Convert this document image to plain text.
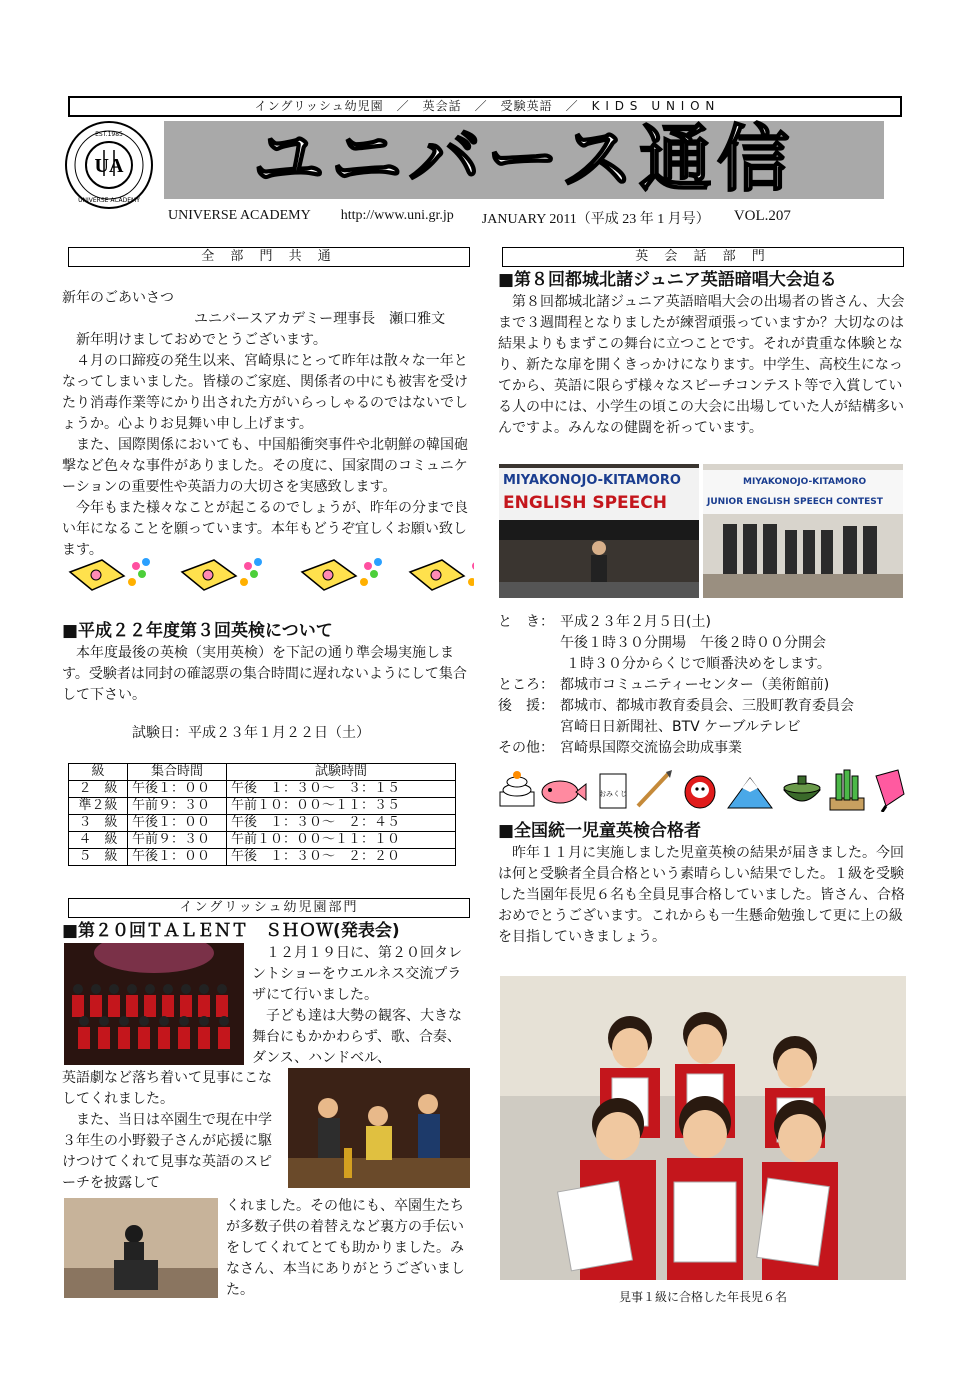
イングリッシュ幼児園　／　英会話　／　受験英語　／　K I D S　U N I O N
UA
EST.1985
UNIVERSE ACADEMY	ユニバース通信
UNIVERSE ACADEMY http://www.uni.gr.jp JANUARY 2011（平成 23 年 1 月号） VOL.207
全 部 門 共 通
新年のごあいさつ
ユニバースアカデミー理事長　瀬口雅文
　新年明けましておめでとうございます。
　４月の口蹄疫の発生以来、宮崎県にとって昨年は散々な一年となってしまいました。皆様のご家庭、関係者の中にも被害を受けたり消毒作業等にかり出された方がいらっしゃるのではないでしょうか。心よりお見舞い申し上げます。
　また、国際関係においても、中国船衝突事件や北朝鮮の韓国砲撃など色々な事件がありました。その度に、国家間のコミュニケーションの重要性や英語力の大切さを実感致します。
　今年もまた様々なことが起こるのでしょうが、昨年の分まで良い年になることを願っています。本年もどうぞ宜しくお願い致します。
■平成２２年度第３回英検について
　本年度最後の英検（実用英検）を下記の通り準会場実施します。受験者は同封の確認票の集合時間に遅れないようにして集合して下さい。
試験日：平成２３年１月２２日（土）
級	集合時間	試験時間
２　級	午後１：００	午後　１：３０～　３：１５
準２級	午前９：３０	午前１０：００～１１：３５
３　級	午後１：００	午後　１：３０～　２：４５
４　級	午前９：３０	午前１０：００～１１：１０
５　級	午後１：００	午後　１：３０～　２：２０
イングリッシュ幼児園部門
■第２０回ＴＡＬＥＮＴ　ＳＨＯＷ(発表会)
１２月１９日に、第２０回タレントショーをウエルネス交流プラザにて行いました。
子ども達は大勢の観客、大きな舞台にもかかわらず、歌、合奏、ダンス、ハンドベル、
英語劇など落ち着いて見事にこなしてくれました。
　また、当日は卒園生で現在中学３年生の小野毅子さんが応援に駆けつけてくれて見事な英語のスピーチを披露して
くれました。その他にも、卒園生たちが多数子供の着替えなど裏方の手伝いをしてくれてとても助かりました。みなさん、本当にありがとうございました。
英 会 話 部 門
■第８回都城北諸ジュニア英語暗唱大会迫る
　第８回都城北諸ジュニア英語暗唱大会の出場者の皆さん、大会まで３週間程となりましたが練習頑張っていますか？大切なのは結果よりもまずこの舞台に立つことです。それが貴重な体験となり、新たな扉を開くきっかけになります。中学生、高校生になってから、英語に限らず様々なスピーチコンテスト等で入賞している人の中には、小学生の頃この大会に出場していた人が結構多いんですよ。みんなの健闘を祈っています。
MIYAKONOJO-KITAMORO
ENGLISH SPEECH
MIYAKONOJO-KITAMORO
JUNIOR ENGLISH SPEECH CONTEST
と　き： 平成２３年２月５日(土)
午後１時３０分開場　午後２時００分開会
１時３０分からくじで順番決めをします。
ところ： 都城市コミュニティーセンター（美術館前)
後　援： 都城市、都城市教育委員会、三股町教育委員会
宮崎日日新聞社、BTV ケーブルテレビ
その他： 宮崎県国際交流協会助成事業
おみくじ
■全国統一児童英検合格者
　昨年１１月に実施しました児童英検の結果が届きました。今回は何と受験者全員合格という素晴らしい結果でした。１級を受験した当園年長児６名も全員見事合格していました。皆さん、合格おめでとうございます。これからも一生懸命勉強して更に上の級を目指していきましょう。
見事１級に合格した年長児６名
